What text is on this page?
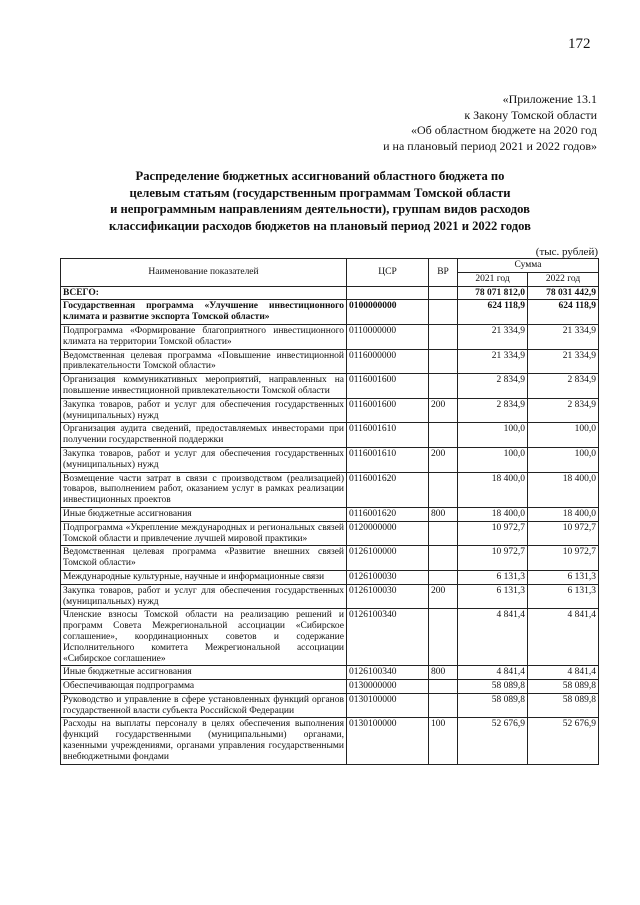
172
«Приложение 13.1
к Закону Томской области
«Об областном бюджете на 2020 год
и на плановый период 2021 и 2022 годов»
Распределение бюджетных ассигнований областного бюджета по
целевым статьям (государственным программам Томской области
и непрограммным направлениям деятельности), группам видов расходов
классификации расходов бюджетов на плановый период 2021 и 2022 годов
(тыс. рублей)
Наименование показателей	ЦСР	ВР	Сумма	
			2021 год	2022 год
ВСЕГО:			78 071 812,0	78 031 442,9
Государственная программа «Улучшение инвестиционного климата и развитие экспорта Томской области»	0100000000		624 118,9	624 118,9
Подпрограмма «Формирование благоприятного инвестиционного климата на территории Томской области»	0110000000		21 334,9	21 334,9
Ведомственная целевая программа «Повышение инвестиционной привлекательности Томской области»	0116000000		21 334,9	21 334,9
Организация коммуникативных мероприятий, направленных на повышение инвестиционной привлекательности Томской области	0116001600		2 834,9	2 834,9
Закупка товаров, работ и услуг для обеспечения государственных (муниципальных) нужд	0116001600	200	2 834,9	2 834,9
Организация аудита сведений, предоставляемых инвесторами при получении государственной поддержки	0116001610		100,0	100,0
Закупка товаров, работ и услуг для обеспечения государственных (муниципальных) нужд	0116001610	200	100,0	100,0
Возмещение части затрат в связи с производством (реализацией) товаров, выполнением работ, оказанием услуг в рамках реализации инвестиционных проектов	0116001620		18 400,0	18 400,0
Иные бюджетные ассигнования	0116001620	800	18 400,0	18 400,0
Подпрограмма «Укрепление международных и региональных связей Томской области и привлечение лучшей мировой практики»	0120000000		10 972,7	10 972,7
Ведомственная целевая программа «Развитие внешних связей Томской области»	0126100000		10 972,7	10 972,7
Международные культурные, научные и информационные связи	0126100030		6 131,3	6 131,3
Закупка товаров, работ и услуг для обеспечения государственных (муниципальных) нужд	0126100030	200	6 131,3	6 131,3
Членские взносы Томской области на реализацию решений и программ Совета Межрегиональной ассоциации «Сибирское соглашение», координационных советов и содержание Исполнительного комитета Межрегиональной ассоциации «Сибирское соглашение»	0126100340		4 841,4	4 841,4
Иные бюджетные ассигнования	0126100340	800	4 841,4	4 841,4
Обеспечивающая подпрограмма	0130000000		58 089,8	58 089,8
Руководство и управление в сфере установленных функций органов государственной власти субъекта Российской Федерации	0130100000		58 089,8	58 089,8
Расходы на выплаты персоналу в целях обеспечения выполнения функций государственными (муниципальными) органами, казенными учреждениями, органами управления государственными внебюджетными фондами	0130100000	100	52 676,9	52 676,9
